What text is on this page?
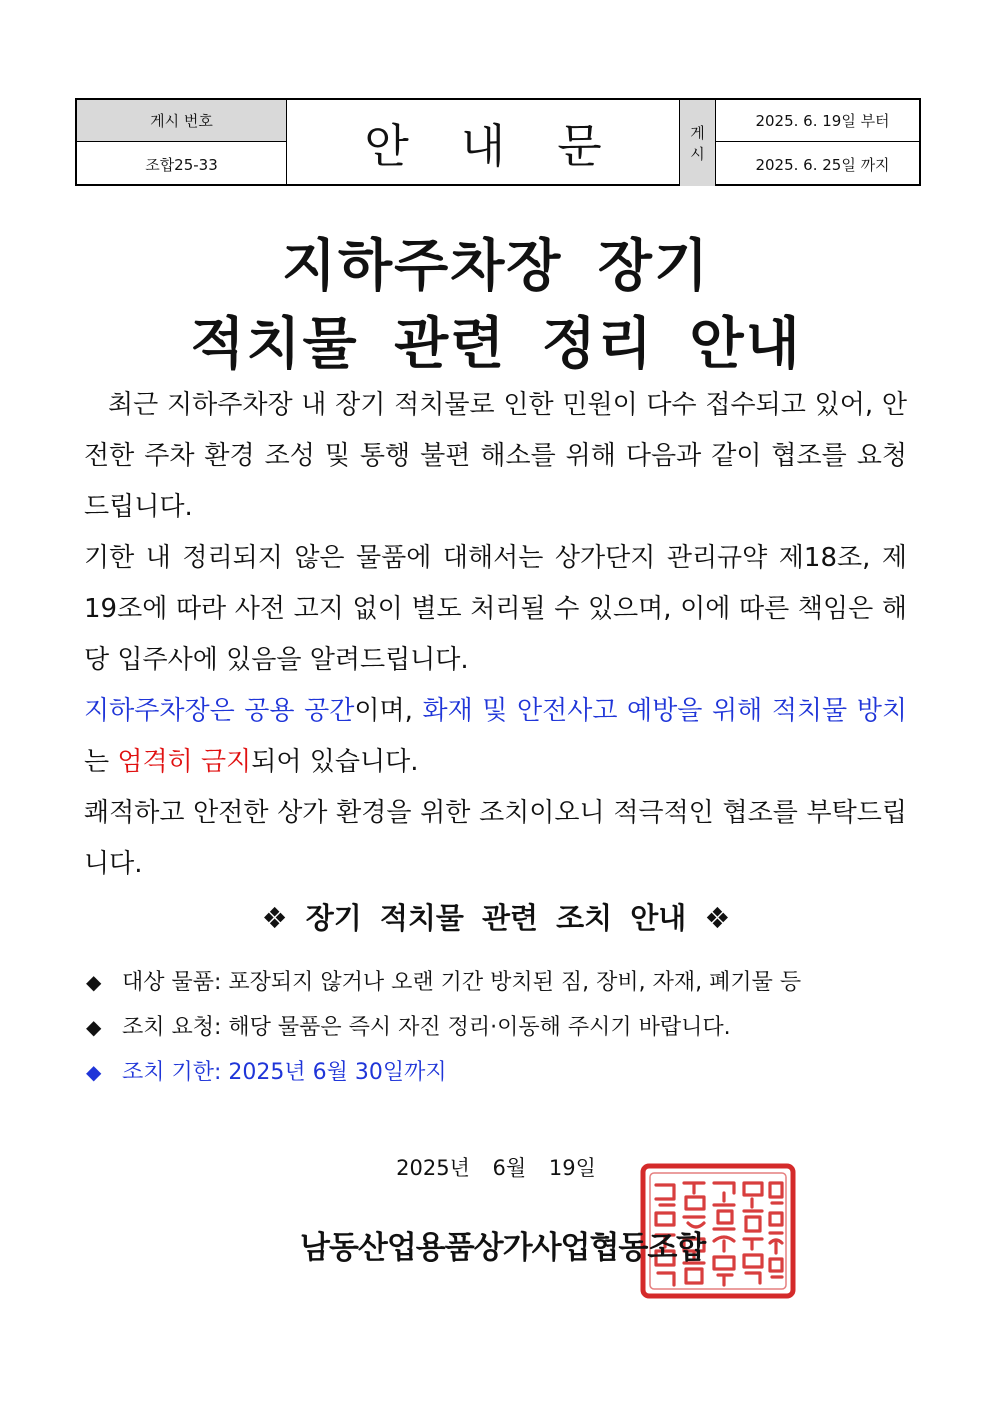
게시 번호
조합25-33	안내문	게
시
2025. 6. 19일 부터
2025. 6. 25일 까지
지하주차장 장기
적치물 관련 정리 안내

최근 지하주차장 내 장기 적치물로 인한 민원이 다수 접수되고 있어, 안전한 주차 환경 조성 및 통행 불편 해소를 위해 다음과 같이 협조를 요청드립니다.

기한 내 정리되지 않은 물품에 대해서는 상가단지 관리규약 제18조, 제19조에 따라 사전 고지 없이 별도 처리될 수 있으며, 이에 따른 책임은 해당 입주사에 있음을 알려드립니다.

지하주차장은 공용 공간이며, 화재 및 안전사고 예방을 위해 적치물 방치는 엄격히 금지되어 있습니다.

쾌적하고 안전한 상가 환경을 위한 조치이오니 적극적인 협조를 부탁드립니다.

❖ 장기 적치물 관련 조치 안내 ❖
◆ 대상 물품: 포장되지 않거나 오랜 기간 방치된 짐, 장비, 자재, 폐기물 등
◆ 조치 요청: 해당 물품은 즉시 자진 정리·이동해 주시기 바랍니다.
◆ 조치 기한: 2025년 6월 30일까지

2025년 6월 19일

남동산업용품상가사업협동조합
